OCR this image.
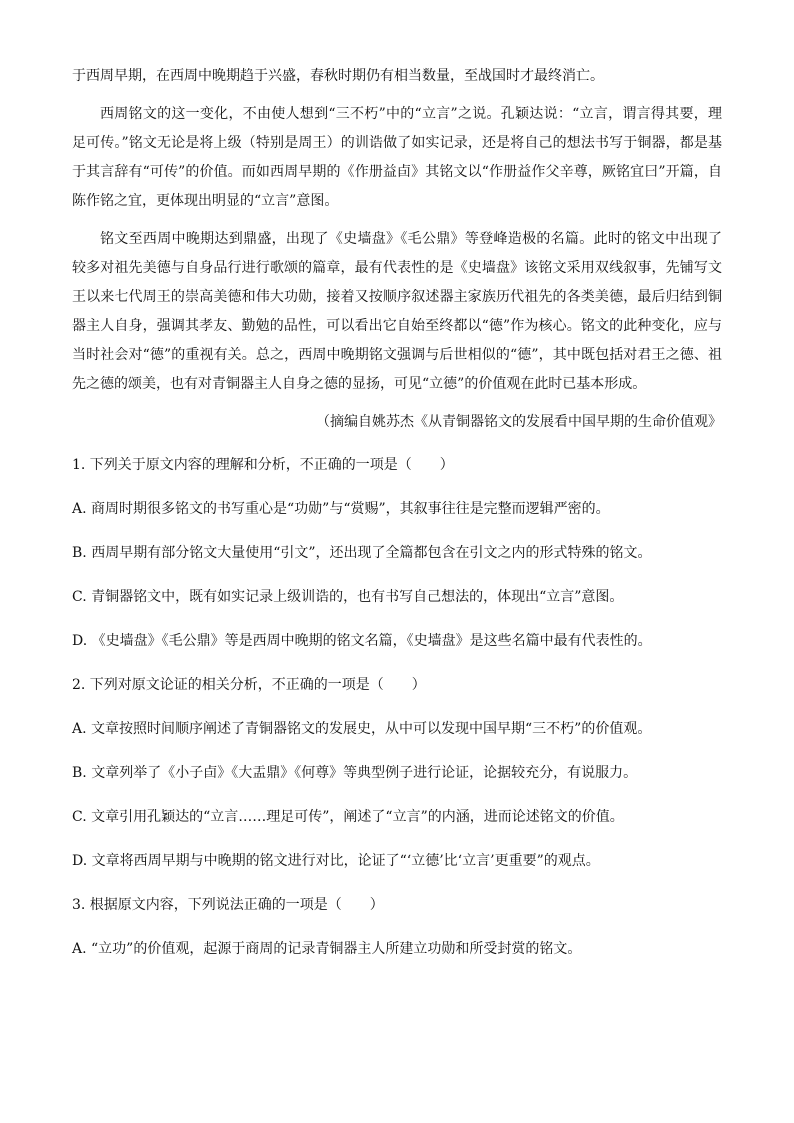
于西周早期，在西周中晚期趋于兴盛，春秋时期仍有相当数量，至战国时才最终消亡。

西周铭文的这一变化，不由使人想到“三不朽”中的“立言”之说。孔颖达说：“立言，谓言得其要，理足可传。”铭文无论是将上级（特别是周王）的训诰做了如实记录，还是将自己的想法书写于铜器，都是基于其言辞有“可传”的价值。而如西周早期的《作册益卣》其铭文以“作册益作父辛尊，厥铭宜曰”开篇，自陈作铭之宜，更体现出明显的“立言”意图。

铭文至西周中晚期达到鼎盛，出现了《史墙盘》《毛公鼎》等登峰造极的名篇。此时的铭文中出现了较多对祖先美德与自身品行进行歌颂的篇章，最有代表性的是《史墙盘》该铭文采用双线叙事，先铺写文王以来七代周王的崇高美德和伟大功勋，接着又按顺序叙述器主家族历代祖先的各类美德，最后归结到铜器主人自身，强调其孝友、勤勉的品性，可以看出它自始至终都以“德”作为核心。铭文的此种变化，应与当时社会对“德”的重视有关。总之，西周中晚期铭文强调与后世相似的“德”，其中既包括对君王之德、祖先之德的颂美，也有对青铜器主人自身之德的显扬，可见“立德”的价值观在此时已基本形成。

（摘编自姚苏杰《从青铜器铭文的发展看中国早期的生命价值观》

1. 下列关于原文内容的理解和分析，不正确的一项是（　　）

A. 商周时期很多铭文的书写重心是“功勋”与“赏赐”，其叙事往往是完整而逻辑严密的。

B. 西周早期有部分铭文大量使用“引文”，还出现了全篇都包含在引文之内的形式特殊的铭文。

C. 青铜器铭文中，既有如实记录上级训诰的，也有书写自己想法的，体现出“立言”意图。

D. 《史墙盘》《毛公鼎》等是西周中晚期的铭文名篇，《史墙盘》是这些名篇中最有代表性的。

2. 下列对原文论证的相关分析，不正确的一项是（　　）

A. 文章按照时间顺序阐述了青铜器铭文的发展史，从中可以发现中国早期“三不朽”的价值观。

B. 文章列举了《小子卣》《大盂鼎》《何尊》等典型例子进行论证，论据较充分，有说服力。

C. 文章引用孔颖达的“立言……理足可传”，阐述了“立言”的内涵，进而论述铭文的价值。

D. 文章将西周早期与中晚期的铭文进行对比，论证了“‘立德’比‘立言’更重要”的观点。

3. 根据原文内容，下列说法正确的一项是（　　）

A. “立功”的价值观，起源于商周的记录青铜器主人所建立功勋和所受封赏的铭文。
